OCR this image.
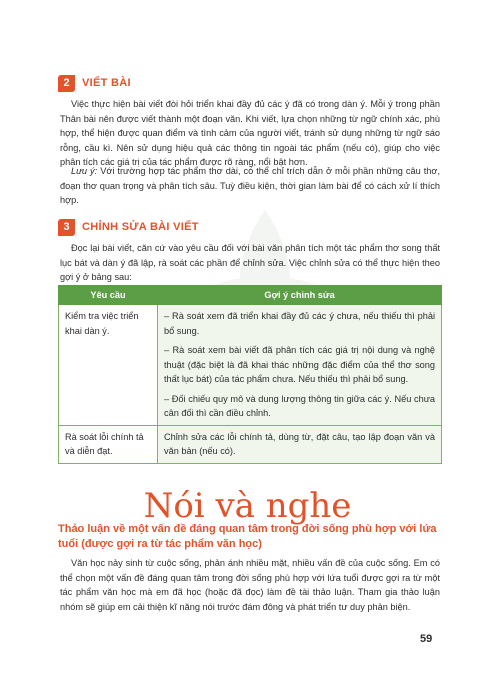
2	VIẾT BÀI

Việc thực hiện bài viết đòi hỏi triển khai đầy đủ các ý đã có trong dàn ý. Mỗi ý trong phần Thân bài nên được viết thành một đoạn văn. Khi viết, lựa chọn những từ ngữ chính xác, phù hợp, thể hiện được quan điểm và tình cảm của người viết, tránh sử dụng những từ ngữ sáo rỗng, cầu kì. Nên sử dụng hiệu quả các thông tin ngoài tác phẩm (nếu có), giúp cho việc phân tích các giá trị của tác phẩm được rõ ràng, nổi bật hơn.

Lưu ý: Với trường hợp tác phẩm thơ dài, có thể chỉ trích dẫn ở mỗi phần những câu thơ, đoạn thơ quan trọng và phân tích sâu. Tuỳ điều kiện, thời gian làm bài để có cách xử lí thích hợp.

3	CHỈNH SỬA BÀI VIẾT

Đọc lại bài viết, căn cứ vào yêu cầu đối với bài văn phân tích một tác phẩm thơ song thất lục bát và dàn ý đã lập, rà soát các phần để chỉnh sửa. Việc chỉnh sửa có thể thực hiện theo gợi ý ở bảng sau:

Yêu cầu	Gợi ý chỉnh sửa
Kiểm tra việc triển khai dàn ý.	– Rà soát xem đã triển khai đầy đủ các ý chưa, nếu thiếu thì phải bổ sung.

– Rà soát xem bài viết đã phân tích các giá trị nội dung và nghệ thuật (đặc biệt là đã khai thác những đặc điểm của thể thơ song thất lục bát) của tác phẩm chưa. Nếu thiếu thì phải bổ sung.

– Đối chiếu quy mô và dung lượng thông tin giữa các ý. Nếu chưa cân đối thì cần điều chỉnh.

Rà soát lỗi chính tả và diễn đạt.	Chỉnh sửa các lỗi chính tả, dùng từ, đặt câu, tạo lập đoạn văn và văn bản (nếu có).

Nói và nghe
Thảo luận về một vấn đề đáng quan tâm trong đời sống phù hợp với lứa tuổi (được gợi ra từ tác phẩm văn học)

Văn học nảy sinh từ cuộc sống, phản ánh nhiều mặt, nhiều vấn đề của cuộc sống. Em có thể chọn một vấn đề đáng quan tâm trong đời sống phù hợp với lứa tuổi được gợi ra từ một tác phẩm văn học mà em đã học (hoặc đã đọc) làm đề tài thảo luận. Tham gia thảo luận nhóm sẽ giúp em cải thiện kĩ năng nói trước đám đông và phát triển tư duy phản biện.

59
